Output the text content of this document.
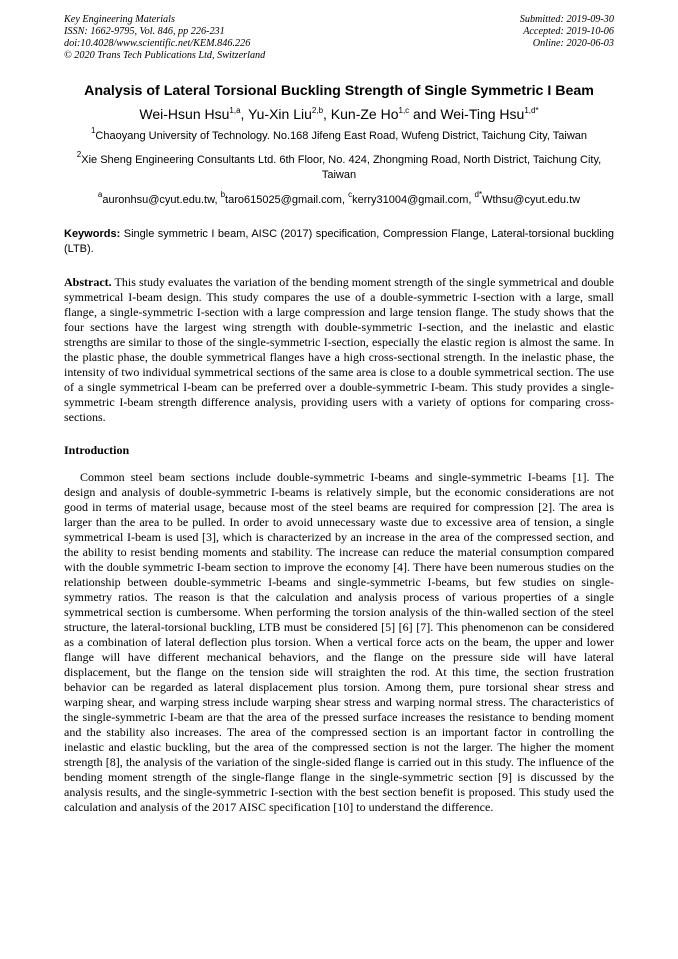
Key Engineering Materials
ISSN: 1662-9795, Vol. 846, pp 226-231
doi:10.4028/www.scientific.net/KEM.846.226
© 2020 Trans Tech Publications Ltd, Switzerland
Submitted: 2019-09-30
Accepted: 2019-10-06
Online: 2020-06-03
Analysis of Lateral Torsional Buckling Strength of Single Symmetric I Beam
Wei-Hsun Hsu$^{1,a}$, Yu-Xin Liu$^{2,b}$, Kun-Ze Ho$^{1,c}$ and Wei-Ting Hsu$^{1,d*}$
$^1$Chaoyang University of Technology. No.168 Jifeng East Road, Wufeng District, Taichung City, Taiwan
$^2$Xie Sheng Engineering Consultants Ltd. 6th Floor, No. 424, Zhongming Road, North District, Taichung City, Taiwan
$^a$auronhsu@cyut.edu.tw, $^b$taro615025@gmail.com, $^c$kerry31004@gmail.com, $^{d*}$Wthsu@cyut.edu.tw
Keywords: Single symmetric I beam, AISC (2017) specification, Compression Flange, Lateral-torsional buckling (LTB).
Abstract. This study evaluates the variation of the bending moment strength of the single symmetrical and double symmetrical I-beam design. This study compares the use of a double-symmetric I-section with a large, small flange, a single-symmetric I-section with a large compression and large tension flange. The study shows that the four sections have the largest wing strength with double-symmetric I-section, and the inelastic and elastic strengths are similar to those of the single-symmetric I-section, especially the elastic region is almost the same. In the plastic phase, the double symmetrical flanges have a high cross-sectional strength. In the inelastic phase, the intensity of two individual symmetrical sections of the same area is close to a double symmetrical section. The use of a single symmetrical I-beam can be preferred over a double-symmetric I-beam. This study provides a single-symmetric I-beam strength difference analysis, providing users with a variety of options for comparing cross-sections.
Introduction
Common steel beam sections include double-symmetric I-beams and single-symmetric I-beams [1]. The design and analysis of double-symmetric I-beams is relatively simple, but the economic considerations are not good in terms of material usage, because most of the steel beams are required for compression [2]. The area is larger than the area to be pulled. In order to avoid unnecessary waste due to excessive area of tension, a single symmetrical I-beam is used [3], which is characterized by an increase in the area of the compressed section, and the ability to resist bending moments and stability. The increase can reduce the material consumption compared with the double symmetric I-beam section to improve the economy [4]. There have been numerous studies on the relationship between double-symmetric I-beams and single-symmetric I-beams, but few studies on single-symmetry ratios. The reason is that the calculation and analysis process of various properties of a single symmetrical section is cumbersome. When performing the torsion analysis of the thin-walled section of the steel structure, the lateral-torsional buckling, LTB must be considered [5] [6] [7]. This phenomenon can be considered as a combination of lateral deflection plus torsion. When a vertical force acts on the beam, the upper and lower flange will have different mechanical behaviors, and the flange on the pressure side will have lateral displacement, but the flange on the tension side will straighten the rod. At this time, the section frustration behavior can be regarded as lateral displacement plus torsion. Among them, pure torsional shear stress and warping shear, and warping stress include warping shear stress and warping normal stress. The characteristics of the single-symmetric I-beam are that the area of the pressed surface increases the resistance to bending moment and the stability also increases. The area of the compressed section is an important factor in controlling the inelastic and elastic buckling, but the area of the compressed section is not the larger. The higher the moment strength [8], the analysis of the variation of the single-sided flange is carried out in this study. The influence of the bending moment strength of the single-flange flange in the single-symmetric section [9] is discussed by the analysis results, and the single-symmetric I-section with the best section benefit is proposed. This study used the calculation and analysis of the 2017 AISC specification [10] to understand the difference.
